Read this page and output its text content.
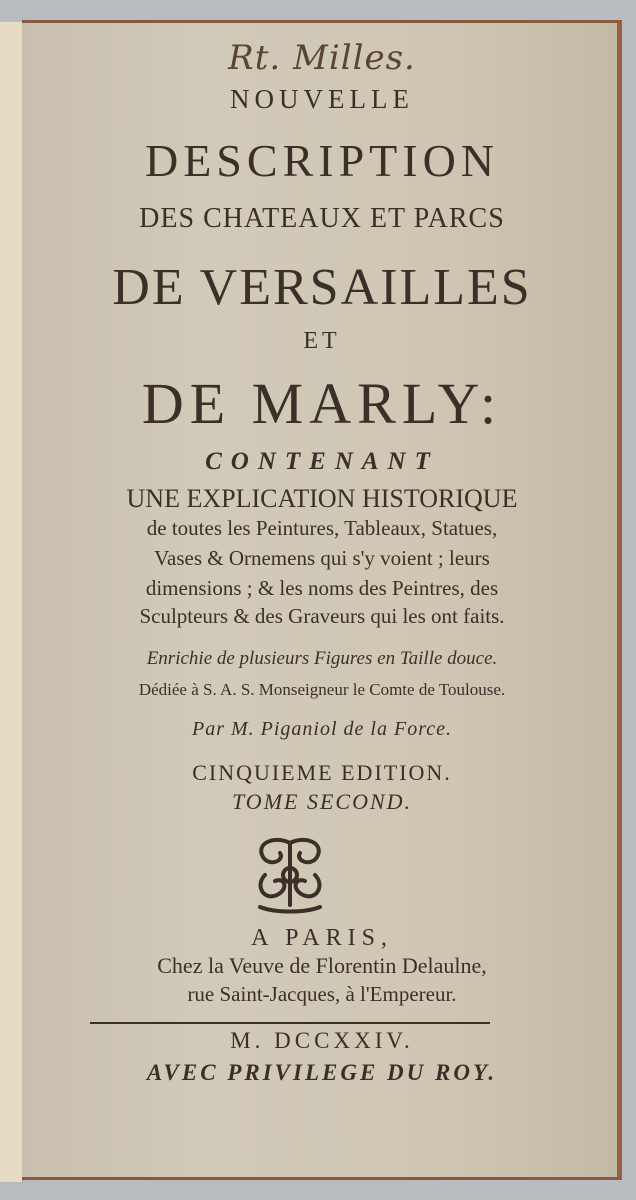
Rt. Milles.
NOUVELLE
DESCRIPTION
DES CHATEAUX ET PARCS
DE VERSAILLES
ET
DE MARLY:
CONTENANT
UNE EXPLICATION HISTORIQUE
de toutes les Peintures, Tableaux, Statues,
Vases & Ornemens qui s'y voient ; leurs
dimensions ; & les noms des Peintres, des
Sculpteurs & des Graveurs qui les ont faits.
Enrichie de plusieurs Figures en Taille douce.
Dédiée à S. A. S. Monseigneur le Comte de Toulouse.
Par M. Piganiol de la Force.
CINQUIEME EDITION.
TOME SECOND.
A PARIS,
Chez la Veuve de Florentin Delaulne,
rue Saint-Jacques, à l'Empereur.
M. DCCXXIV.
AVEC PRIVILEGE DU ROY.
